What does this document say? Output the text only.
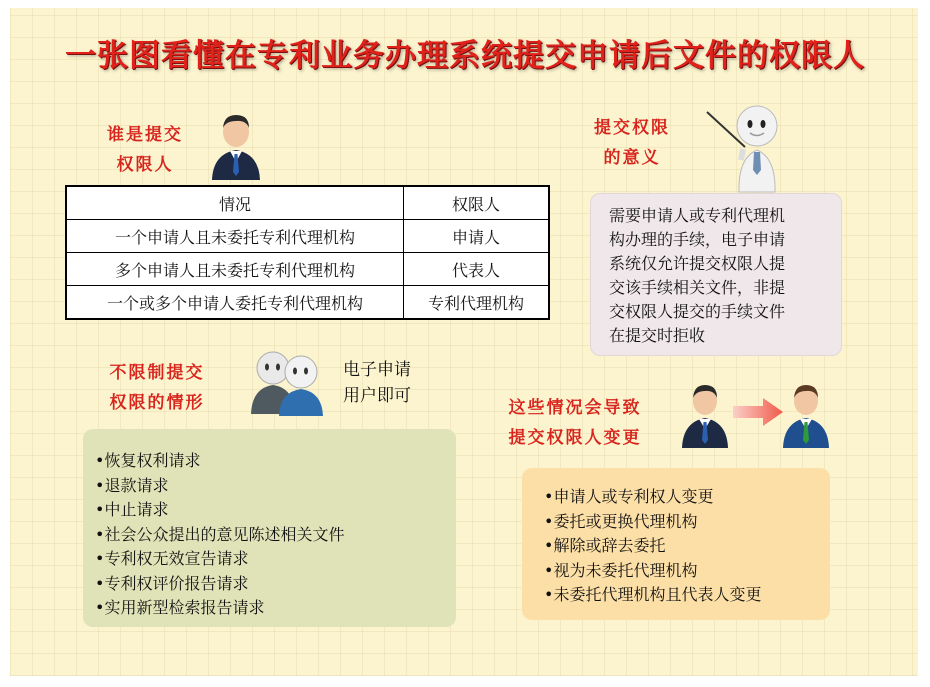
一张图看懂在专利业务办理系统提交申请后文件的权限人
谁是提交
权限人
情况	权限人
一个申请人且未委托专利代理机构	申请人
多个申请人且未委托专利代理机构	代表人
一个或多个申请人委托专利代理机构	专利代理机构
提交权限
的意义
需要申请人或专利代理机
构办理的手续，电子申请
系统仅允许提交权限人提
交该手续相关文件，非提
交权限人提交的手续文件
在提交时拒收
不限制提交
权限的情形
电子申请
用户即可
•恢复权利请求
•退款请求
•中止请求
•社会公众提出的意见陈述相关文件
•专利权无效宣告请求
•专利权评价报告请求
•实用新型检索报告请求
这些情况会导致
提交权限人变更
•申请人或专利权人变更
•委托或更换代理机构
•解除或辞去委托
•视为未委托代理机构
•未委托代理机构且代表人变更
